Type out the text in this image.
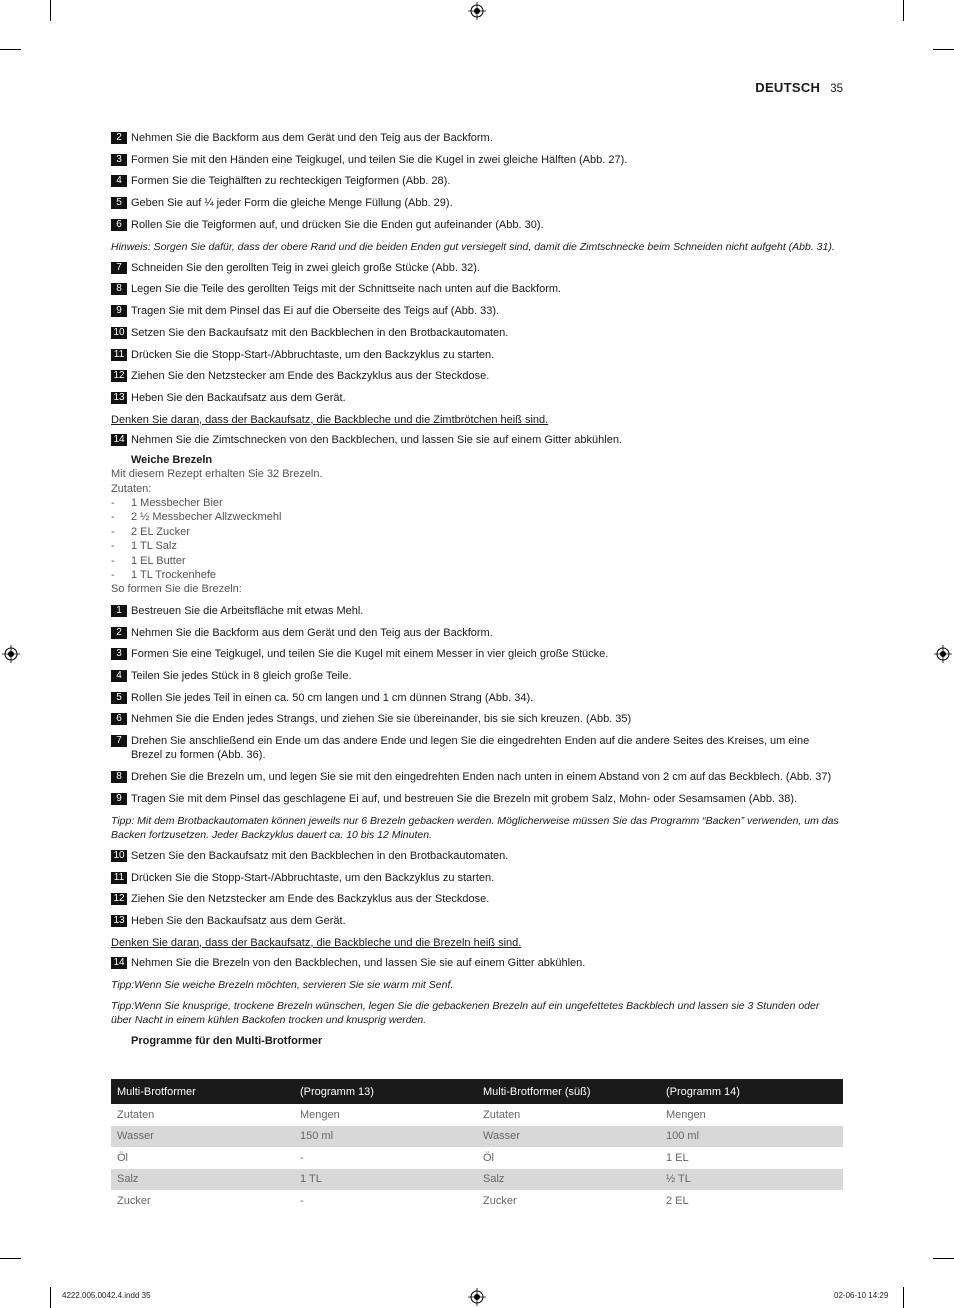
DEUTSCH 35
2 Nehmen Sie die Backform aus dem Gerät und den Teig aus der Backform.
3 Formen Sie mit den Händen eine Teigkugel, und teilen Sie die Kugel in zwei gleiche Hälften (Abb. 27).
4 Formen Sie die Teighälften zu rechteckigen Teigformen (Abb. 28).
5 Geben Sie auf ¼ jeder Form die gleiche Menge Füllung (Abb. 29).
6 Rollen Sie die Teigformen auf, und drücken Sie die Enden gut aufeinander (Abb. 30).
Hinweis: Sorgen Sie dafür, dass der obere Rand und die beiden Enden gut versiegelt sind, damit die Zimtschnecke beim Schneiden nicht aufgeht (Abb. 31).
7 Schneiden Sie den gerollten Teig in zwei gleich große Stücke (Abb. 32).
8 Legen Sie die Teile des gerollten Teigs mit der Schnittseite nach unten auf die Backform.
9 Tragen Sie mit dem Pinsel das Ei auf die Oberseite des Teigs auf (Abb. 33).
10 Setzen Sie den Backaufsatz mit den Backblechen in den Brotbackautomaten.
11 Drücken Sie die Stopp-Start-/Abbruchtaste, um den Backzyklus zu starten.
12 Ziehen Sie den Netzstecker am Ende des Backzyklus aus der Steckdose.
13 Heben Sie den Backaufsatz aus dem Gerät.
Denken Sie daran, dass der Backaufsatz, die Backbleche und die Zimtbrötchen heiß sind.
14 Nehmen Sie die Zimtschnecken von den Backblechen, und lassen Sie sie auf einem Gitter abkühlen.
Weiche Brezeln
Mit diesem Rezept erhalten Sie 32 Brezeln.
Zutaten:
- 1 Messbecher Bier
- 2 ½ Messbecher Allzweckmehl
- 2 EL Zucker
- 1 TL Salz
- 1 EL Butter
- 1 TL Trockenhefe
So formen Sie die Brezeln:
1 Bestreuen Sie die Arbeitsfläche mit etwas Mehl.
2 Nehmen Sie die Backform aus dem Gerät und den Teig aus der Backform.
3 Formen Sie eine Teigkugel, und teilen Sie die Kugel mit einem Messer in vier gleich große Stücke.
4 Teilen Sie jedes Stück in 8 gleich große Teile.
5 Rollen Sie jedes Teil in einen ca. 50 cm langen und 1 cm dünnen Strang (Abb. 34).
6 Nehmen Sie die Enden jedes Strangs, und ziehen Sie sie übereinander, bis sie sich kreuzen. (Abb. 35)
7 Drehen Sie anschließend ein Ende um das andere Ende und legen Sie die eingedrehten Enden auf die andere Seites des Kreises, um eine Brezel zu formen (Abb. 36).
8 Drehen Sie die Brezeln um, und legen Sie sie mit den eingedrehten Enden nach unten in einem Abstand von 2 cm auf das Beckblech. (Abb. 37)
9 Tragen Sie mit dem Pinsel das geschlagene Ei auf, und bestreuen Sie die Brezeln mit grobem Salz, Mohn- oder Sesamsamen (Abb. 38).
Tipp: Mit dem Brotbackautomaten können jeweils nur 6 Brezeln gebacken werden. Möglicherweise müssen Sie das Programm “Backen” verwenden, um das Backen fortzusetzen. Jeder Backzyklus dauert ca. 10 bis 12 Minuten.
10 Setzen Sie den Backaufsatz mit den Backblechen in den Brotbackautomaten.
11 Drücken Sie die Stopp-Start-/Abbruchtaste, um den Backzyklus zu starten.
12 Ziehen Sie den Netzstecker am Ende des Backzyklus aus der Steckdose.
13 Heben Sie den Backaufsatz aus dem Gerät.
Denken Sie daran, dass der Backaufsatz, die Backbleche und die Brezeln heiß sind.
14 Nehmen Sie die Brezeln von den Backblechen, und lassen Sie sie auf einem Gitter abkühlen.
Tipp:Wenn Sie weiche Brezeln möchten, servieren Sie sie warm mit Senf.
Tipp:Wenn Sie knusprige, trockene Brezeln wünschen, legen Sie die gebackenen Brezeln auf ein ungefettetes Backblech und lassen sie 3 Stunden oder über Nacht in einem kühlen Backofen trocken und knusprig werden.
Programme für den Multi-Brotformer
Multi-Brotformer	(Programm 13)	Multi-Brotformer (süß)	(Programm 14)
Zutaten	Mengen	Zutaten	Mengen
Wasser	150 ml	Wasser	100 ml
Öl	-	Öl	1 EL
Salz	1 TL	Salz	½ TL
Zucker	-	Zucker	2 EL
4222.005.0042.4.indd 35	02-06-10 14:29
